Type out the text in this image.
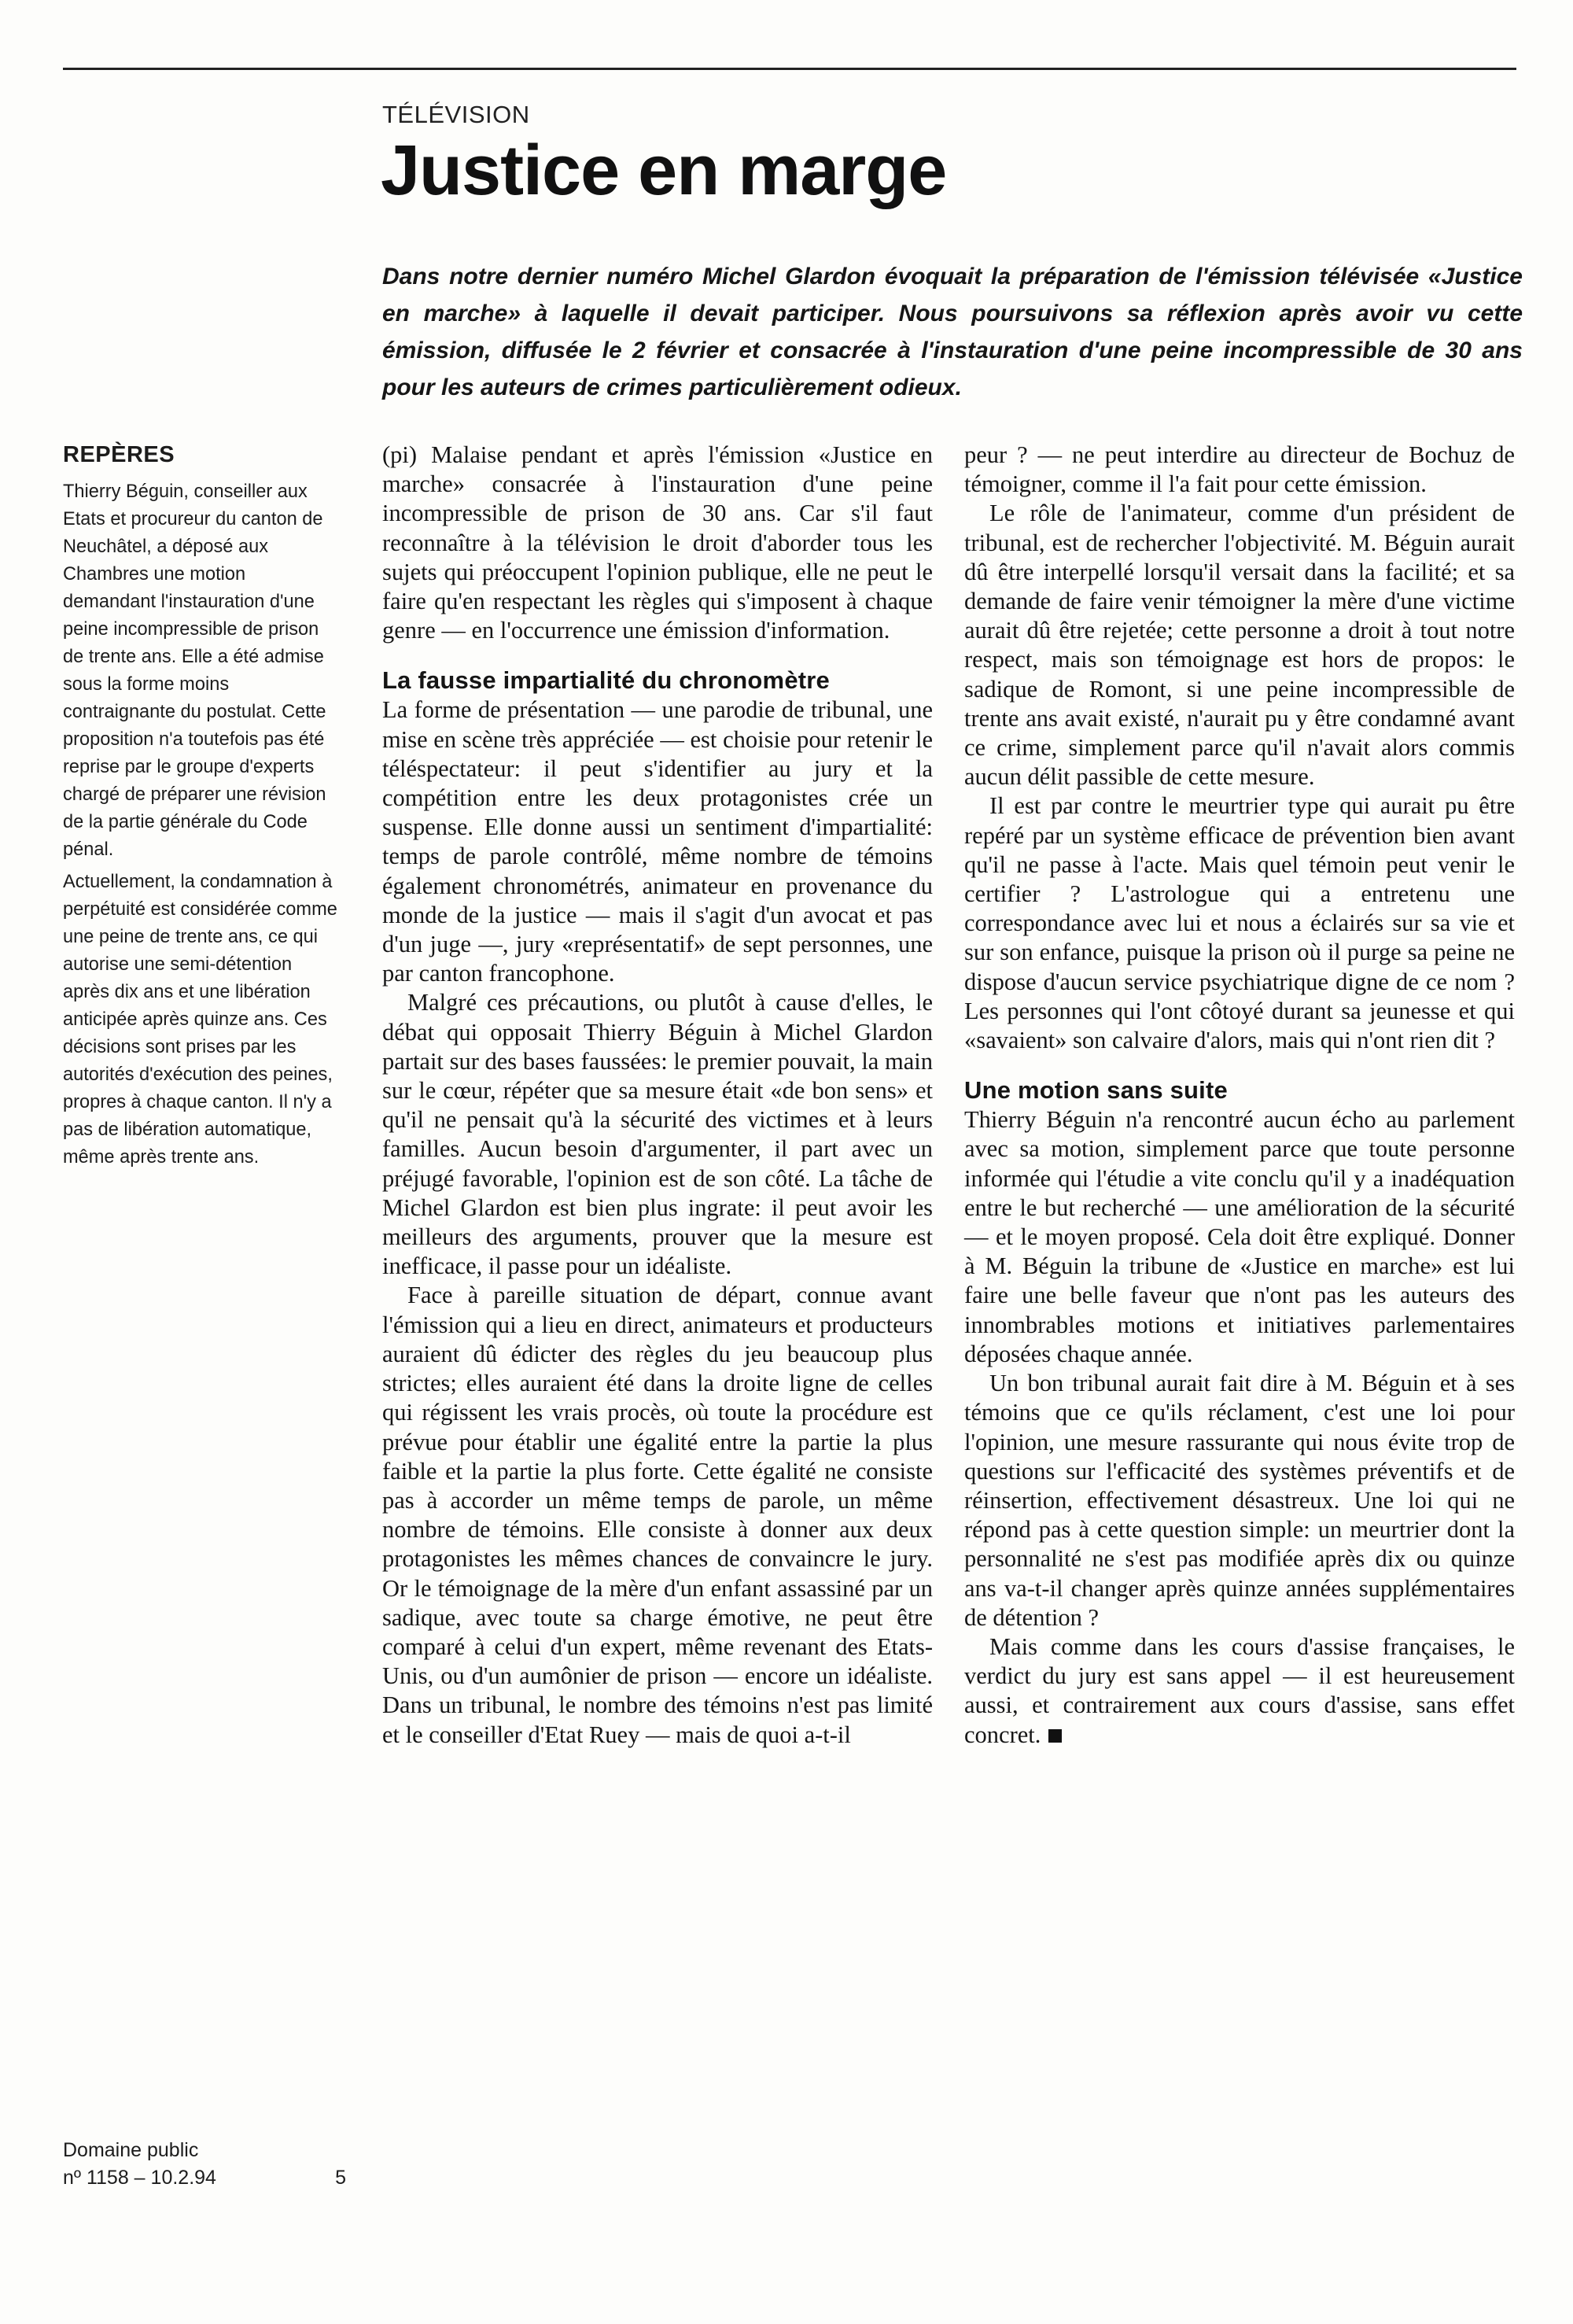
TÉLÉVISION
Justice en marge

Dans notre dernier numéro Michel Glardon évoquait la préparation de l'émission télévisée «Justice en marche» à laquelle il devait participer. Nous poursuivons sa réflexion après avoir vu cette émission, diffusée le 2 février et consacrée à l'instauration d'une peine incompressible de 30 ans pour les auteurs de crimes particulièrement odieux.

REPÈRES

Thierry Béguin, conseiller aux Etats et procureur du canton de Neuchâtel, a déposé aux Chambres une motion demandant l'instauration d'une peine incompressible de prison de trente ans. Elle a été admise sous la forme moins contraignante du postulat. Cette proposition n'a toutefois pas été reprise par le groupe d'experts chargé de préparer une révision de la partie générale du Code pénal.

Actuellement, la condamnation à perpétuité est considérée comme une peine de trente ans, ce qui autorise une semi-détention après dix ans et une libération anticipée après quinze ans. Ces décisions sont prises par les autorités d'exécution des peines, propres à chaque canton. Il n'y a pas de libération automatique, même après trente ans.

Domaine public
nº 1158 – 10.2.94	5

(pi) Malaise pendant et après l'émission «Justice en marche» consacrée à l'instauration d'une peine incompressible de prison de 30 ans. Car s'il faut reconnaître à la télévision le droit d'aborder tous les sujets qui préoccupent l'opinion publique, elle ne peut le faire qu'en respectant les règles qui s'imposent à chaque genre — en l'occurrence une émission d'information.

La fausse impartialité du chronomètre

La forme de présentation — une parodie de tribunal, une mise en scène très appréciée — est choisie pour retenir le téléspectateur: il peut s'identifier au jury et la compétition entre les deux protagonistes crée un suspense. Elle donne aussi un sentiment d'impartialité: temps de parole contrôlé, même nombre de témoins également chronométrés, animateur en provenance du monde de la justice — mais il s'agit d'un avocat et pas d'un juge —, jury «représentatif» de sept personnes, une par canton francophone.

Malgré ces précautions, ou plutôt à cause d'elles, le débat qui opposait Thierry Béguin à Michel Glardon partait sur des bases faussées: le premier pouvait, la main sur le cœur, répéter que sa mesure était «de bon sens» et qu'il ne pensait qu'à la sécurité des victimes et à leurs familles. Aucun besoin d'argumenter, il part avec un préjugé favorable, l'opinion est de son côté. La tâche de Michel Glardon est bien plus ingrate: il peut avoir les meilleurs des arguments, prouver que la mesure est inefficace, il passe pour un idéaliste.

Face à pareille situation de départ, connue avant l'émission qui a lieu en direct, animateurs et producteurs auraient dû édicter des règles du jeu beaucoup plus strictes; elles auraient été dans la droite ligne de celles qui régissent les vrais procès, où toute la procédure est prévue pour établir une égalité entre la partie la plus faible et la partie la plus forte. Cette égalité ne consiste pas à accorder un même temps de parole, un même nombre de témoins. Elle consiste à donner aux deux protagonistes les mêmes chances de convaincre le jury. Or le témoignage de la mère d'un enfant assassiné par un sadique, avec toute sa charge émotive, ne peut être comparé à celui d'un expert, même revenant des Etats-Unis, ou d'un aumônier de prison — encore un idéaliste. Dans un tribunal, le nombre des témoins n'est pas limité et le conseiller d'Etat Ruey — mais de quoi a-t-il

peur ? — ne peut interdire au directeur de Bochuz de témoigner, comme il l'a fait pour cette émission.

Le rôle de l'animateur, comme d'un président de tribunal, est de rechercher l'objectivité. M. Béguin aurait dû être interpellé lorsqu'il versait dans la facilité; et sa demande de faire venir témoigner la mère d'une victime aurait dû être rejetée; cette personne a droit à tout notre respect, mais son témoignage est hors de propos: le sadique de Romont, si une peine incompressible de trente ans avait existé, n'aurait pu y être condamné avant ce crime, simplement parce qu'il n'avait alors commis aucun délit passible de cette mesure.

Il est par contre le meurtrier type qui aurait pu être repéré par un système efficace de prévention bien avant qu'il ne passe à l'acte. Mais quel témoin peut venir le certifier ? L'astrologue qui a entretenu une correspondance avec lui et nous a éclairés sur sa vie et sur son enfance, puisque la prison où il purge sa peine ne dispose d'aucun service psychiatrique digne de ce nom ? Les personnes qui l'ont côtoyé durant sa jeunesse et qui «savaient» son calvaire d'alors, mais qui n'ont rien dit ?

Une motion sans suite

Thierry Béguin n'a rencontré aucun écho au parlement avec sa motion, simplement parce que toute personne informée qui l'étudie a vite conclu qu'il y a inadéquation entre le but recherché — une amélioration de la sécurité — et le moyen proposé. Cela doit être expliqué. Donner à M. Béguin la tribune de «Justice en marche» est lui faire une belle faveur que n'ont pas les auteurs des innombrables motions et initiatives parlementaires déposées chaque année.

Un bon tribunal aurait fait dire à M. Béguin et à ses témoins que ce qu'ils réclament, c'est une loi pour l'opinion, une mesure rassurante qui nous évite trop de questions sur l'efficacité des systèmes préventifs et de réinsertion, effectivement désastreux. Une loi qui ne répond pas à cette question simple: un meurtrier dont la personnalité ne s'est pas modifiée après dix ou quinze ans va-t-il changer après quinze années supplémentaires de détention ?

Mais comme dans les cours d'assise françaises, le verdict du jury est sans appel — il est heureusement aussi, et contrairement aux cours d'assise, sans effet concret.
